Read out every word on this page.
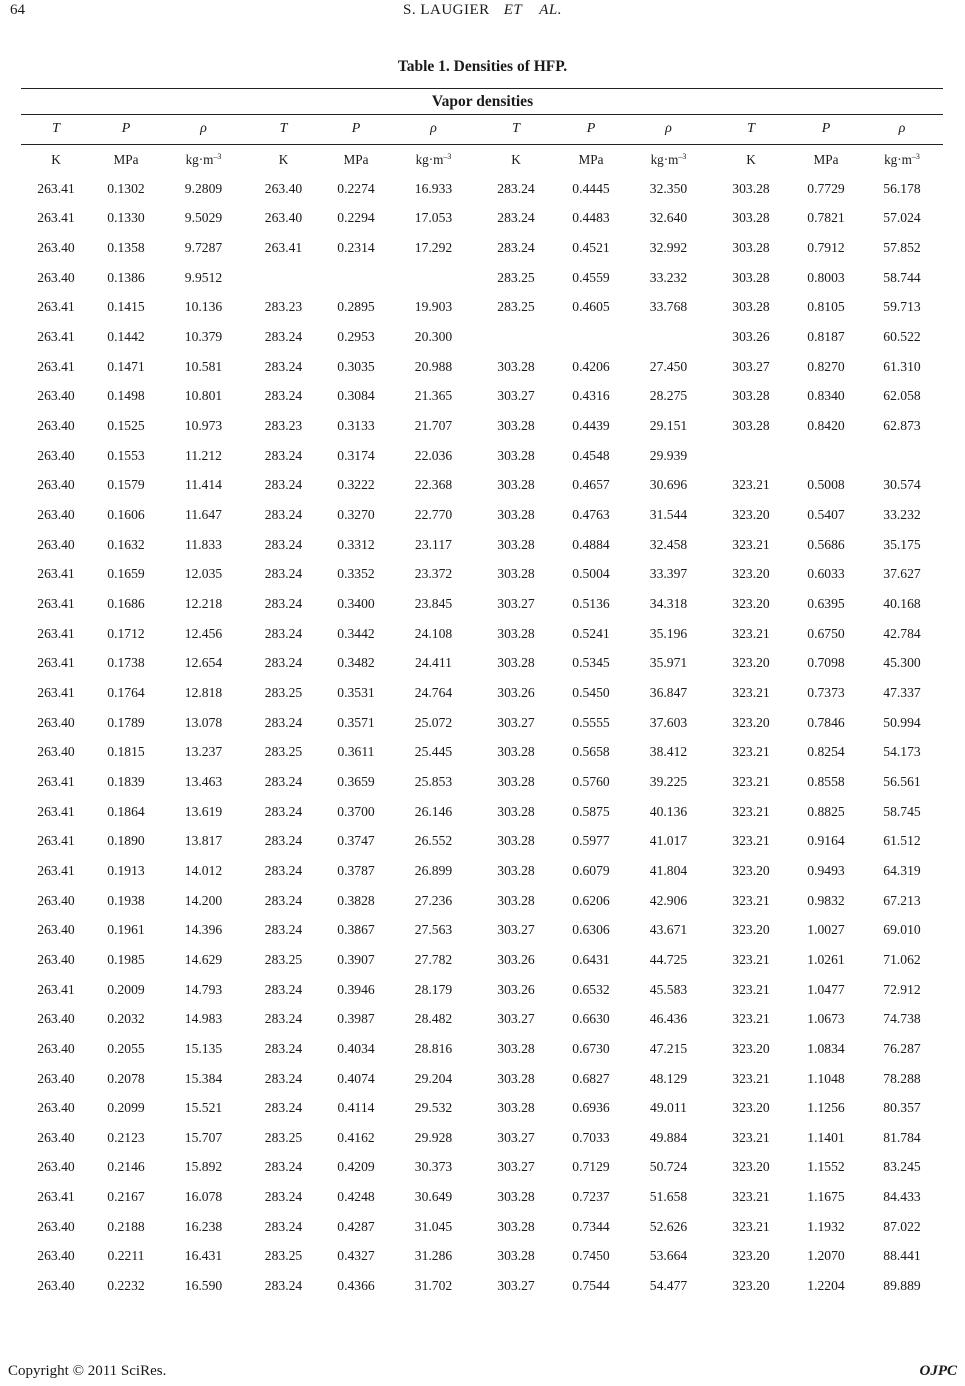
64	S. LAUGIER ET AL.
Table 1. Densities of HFP.
Vapor densities
T	P	ρ	T	P	ρ	T	P	ρ	T	P	ρ
K	MPa	$kg\cdot m^{-3}$	K	MPa	$kg\cdot m^{-3}$	K	MPa	$kg\cdot m^{-3}$	K	MPa	$kg\cdot m^{-3}$
263.41	0.1302	9.2809	263.40	0.2274	16.933	283.24	0.4445	32.350	303.28	0.7729	56.178
263.41	0.1330	9.5029	263.40	0.2294	17.053	283.24	0.4483	32.640	303.28	0.7821	57.024
263.40	0.1358	9.7287	263.41	0.2314	17.292	283.24	0.4521	32.992	303.28	0.7912	57.852
263.40	0.1386	9.9512				283.25	0.4559	33.232	303.28	0.8003	58.744
263.41	0.1415	10.136	283.23	0.2895	19.903	283.25	0.4605	33.768	303.28	0.8105	59.713
263.41	0.1442	10.379	283.24	0.2953	20.300				303.26	0.8187	60.522
263.41	0.1471	10.581	283.24	0.3035	20.988	303.28	0.4206	27.450	303.27	0.8270	61.310
263.40	0.1498	10.801	283.24	0.3084	21.365	303.27	0.4316	28.275	303.28	0.8340	62.058
263.40	0.1525	10.973	283.23	0.3133	21.707	303.28	0.4439	29.151	303.28	0.8420	62.873
263.40	0.1553	11.212	283.24	0.3174	22.036	303.28	0.4548	29.939			
263.40	0.1579	11.414	283.24	0.3222	22.368	303.28	0.4657	30.696	323.21	0.5008	30.574
263.40	0.1606	11.647	283.24	0.3270	22.770	303.28	0.4763	31.544	323.20	0.5407	33.232
263.40	0.1632	11.833	283.24	0.3312	23.117	303.28	0.4884	32.458	323.21	0.5686	35.175
263.41	0.1659	12.035	283.24	0.3352	23.372	303.28	0.5004	33.397	323.20	0.6033	37.627
263.41	0.1686	12.218	283.24	0.3400	23.845	303.27	0.5136	34.318	323.20	0.6395	40.168
263.41	0.1712	12.456	283.24	0.3442	24.108	303.28	0.5241	35.196	323.21	0.6750	42.784
263.41	0.1738	12.654	283.24	0.3482	24.411	303.28	0.5345	35.971	323.20	0.7098	45.300
263.41	0.1764	12.818	283.25	0.3531	24.764	303.26	0.5450	36.847	323.21	0.7373	47.337
263.40	0.1789	13.078	283.24	0.3571	25.072	303.27	0.5555	37.603	323.20	0.7846	50.994
263.40	0.1815	13.237	283.25	0.3611	25.445	303.28	0.5658	38.412	323.21	0.8254	54.173
263.41	0.1839	13.463	283.24	0.3659	25.853	303.28	0.5760	39.225	323.21	0.8558	56.561
263.41	0.1864	13.619	283.24	0.3700	26.146	303.28	0.5875	40.136	323.21	0.8825	58.745
263.41	0.1890	13.817	283.24	0.3747	26.552	303.28	0.5977	41.017	323.21	0.9164	61.512
263.41	0.1913	14.012	283.24	0.3787	26.899	303.28	0.6079	41.804	323.20	0.9493	64.319
263.40	0.1938	14.200	283.24	0.3828	27.236	303.28	0.6206	42.906	323.21	0.9832	67.213
263.40	0.1961	14.396	283.24	0.3867	27.563	303.27	0.6306	43.671	323.20	1.0027	69.010
263.40	0.1985	14.629	283.25	0.3907	27.782	303.26	0.6431	44.725	323.21	1.0261	71.062
263.41	0.2009	14.793	283.24	0.3946	28.179	303.26	0.6532	45.583	323.21	1.0477	72.912
263.40	0.2032	14.983	283.24	0.3987	28.482	303.27	0.6630	46.436	323.21	1.0673	74.738
263.40	0.2055	15.135	283.24	0.4034	28.816	303.28	0.6730	47.215	323.20	1.0834	76.287
263.40	0.2078	15.384	283.24	0.4074	29.204	303.28	0.6827	48.129	323.21	1.1048	78.288
263.40	0.2099	15.521	283.24	0.4114	29.532	303.28	0.6936	49.011	323.20	1.1256	80.357
263.40	0.2123	15.707	283.25	0.4162	29.928	303.27	0.7033	49.884	323.21	1.1401	81.784
263.40	0.2146	15.892	283.24	0.4209	30.373	303.27	0.7129	50.724	323.20	1.1552	83.245
263.41	0.2167	16.078	283.24	0.4248	30.649	303.28	0.7237	51.658	323.21	1.1675	84.433
263.40	0.2188	16.238	283.24	0.4287	31.045	303.28	0.7344	52.626	323.21	1.1932	87.022
263.40	0.2211	16.431	283.25	0.4327	31.286	303.28	0.7450	53.664	323.20	1.2070	88.441
263.40	0.2232	16.590	283.24	0.4366	31.702	303.27	0.7544	54.477	323.20	1.2204	89.889
Copyright © 2011 SciRes.	OJPC
